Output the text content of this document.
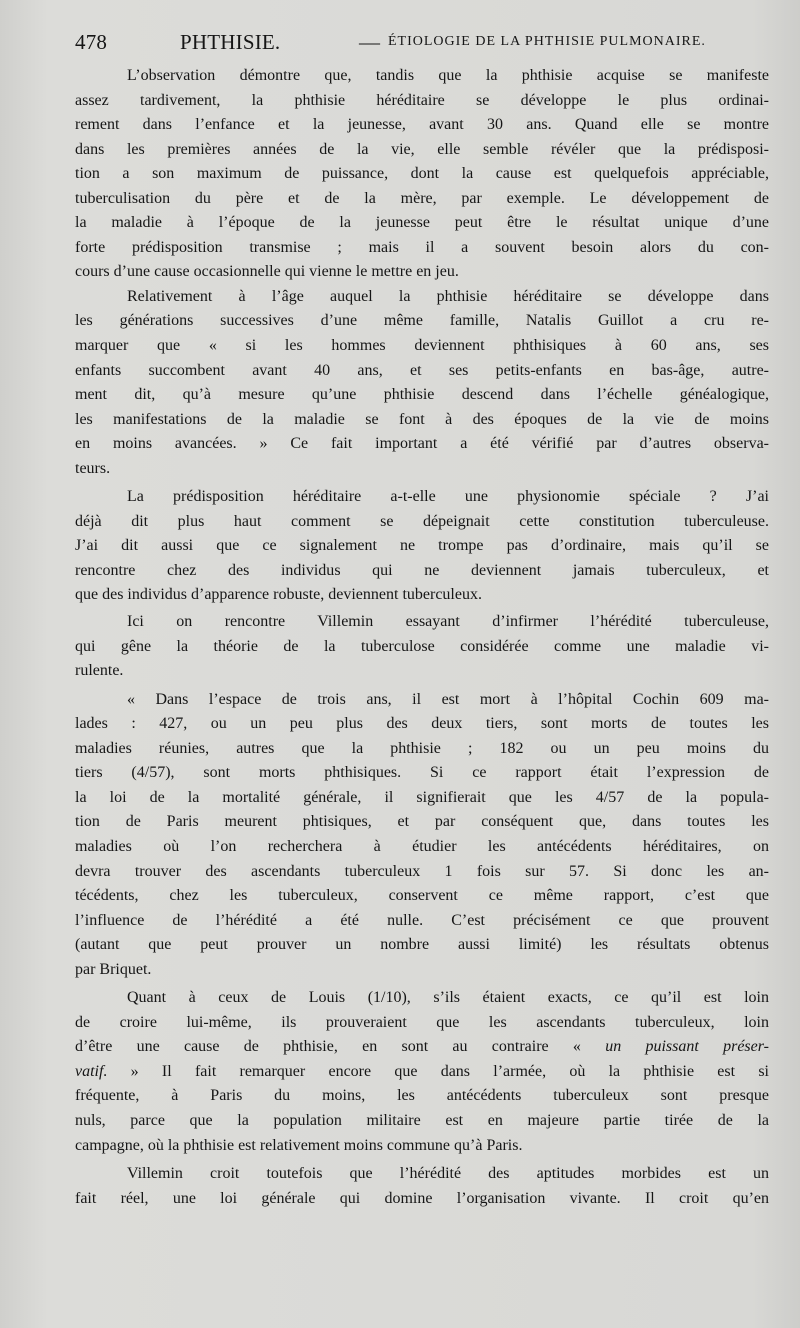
478	PHTHISIE.	— ÉTIOLOGIE DE LA PHTHISIE PULMONAIRE.
L’observation démontre que, tandis que la phthisie acquise se manifeste
assez tardivement, la phthisie héréditaire se développe le plus ordinai-
rement dans l’enfance et la jeunesse, avant 30 ans. Quand elle se montre
dans les premières années de la vie, elle semble révéler que la prédisposi-
tion a son maximum de puissance, dont la cause est quelquefois appréciable,
tuberculisation du père et de la mère, par exemple. Le développement de
la maladie à l’époque de la jeunesse peut être le résultat unique d’une
forte prédisposition transmise ; mais il a souvent besoin alors du con-
cours d’une cause occasionnelle qui vienne le mettre en jeu.
Relativement à l’âge auquel la phthisie héréditaire se développe dans
les générations successives d’une même famille, Natalis Guillot a cru re-
marquer que « si les hommes deviennent phthisiques à 60 ans, ses
enfants succombent avant 40 ans, et ses petits-enfants en bas-âge, autre-
ment dit, qu’à mesure qu’une phthisie descend dans l’échelle généalogique,
les manifestations de la maladie se font à des époques de la vie de moins
en moins avancées. » Ce fait important a été vérifié par d’autres observa-
teurs.
La prédisposition héréditaire a-t-elle une physionomie spéciale ? J’ai
déjà dit plus haut comment se dépeignait cette constitution tuberculeuse.
J’ai dit aussi que ce signalement ne trompe pas d’ordinaire, mais qu’il se
rencontre chez des individus qui ne deviennent jamais tuberculeux, et
que des individus d’apparence robuste, deviennent tuberculeux.
Ici on rencontre Villemin essayant d’infirmer l’hérédité tuberculeuse,
qui gêne la théorie de la tuberculose considérée comme une maladie vi-
rulente.
« Dans l’espace de trois ans, il est mort à l’hôpital Cochin 609 ma-
lades : 427, ou un peu plus des deux tiers, sont morts de toutes les
maladies réunies, autres que la phthisie ; 182 ou un peu moins du
tiers (4/57), sont morts phthisiques. Si ce rapport était l’expression de
la loi de la mortalité générale, il signifierait que les 4/57 de la popula-
tion de Paris meurent phtisiques, et par conséquent que, dans toutes les
maladies où l’on recherchera à étudier les antécédents héréditaires, on
devra trouver des ascendants tuberculeux 1 fois sur 57. Si donc les an-
técédents, chez les tuberculeux, conservent ce même rapport, c’est que
l’influence de l’hérédité a été nulle. C’est précisément ce que prouvent
(autant que peut prouver un nombre aussi limité) les résultats obtenus
par Briquet.
Quant à ceux de Louis (1/10), s’ils étaient exacts, ce qu’il est loin
de croire lui-même, ils prouveraient que les ascendants tuberculeux, loin
d’être une cause de phthisie, en sont au contraire « un puissant préser-
vatif. » Il fait remarquer encore que dans l’armée, où la phthisie est si
fréquente, à Paris du moins, les antécédents tuberculeux sont presque
nuls, parce que la population militaire est en majeure partie tirée de la
campagne, où la phthisie est relativement moins commune qu’à Paris.
Villemin croit toutefois que l’hérédité des aptitudes morbides est un
fait réel, une loi générale qui domine l’organisation vivante. Il croit qu’en
